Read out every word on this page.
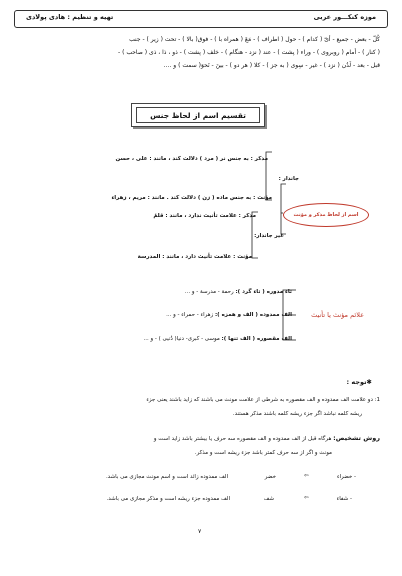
موزه کنکـــور عربی
تهیه و تنظیم : هادی پولادی
کُلّ - بعض - جمیع - أیّ ( کدام ) - حول ( اطراف ) - مَعَ ( همراه با ) - فوق( بالا ) - تحت ( زیر ) - جنب
( کنار ) - أمام ( روبروی ) - وراء ( پشت ) - عند ( نزد - هنگام ) - خلف ( پشت ) - ذو ، ذا ، ذی ( صاحب ) -
قبل - بعد - لَدُن ( نزد ) - غیر - سِوی ( به جز ) - کلا ( هر دو ) - بینَ - نَحوَ( سمت ) و ....
تقسیم اسم از لحاظ جنس
مذکر : به جنس نر ( مرد ) دلالت کند ، مانند : علی ، حسن
مؤنث : به جنس ماده ( زن ) دلالت کند . مانند : مریم ، زهراء
جاندار :
مذکر : علامت تأنیث ندارد ، مانند : قلمٌ
مؤنث : علامت تأنیث دارد ، مانند : المدرسة
غیر جاندار:
اسم از لحاظ مذکر و مؤنث
تاء مدوره ( تاء گرد ): رحمة - مدرسة - و ...
الف ممدوده ( الف و همزه ): زهراء - حمراء - و ...
الف مقصوره ( الف تنها ): موسی - کبری- دنیا( دُنیی ) - و ...
علائم مؤنث یا تأنیث
✱توجه :
1: دو علامت الف ممدوده و الف مقصوره به شرطی از علامت مونث می باشند که زاید باشند یعنی جزء
ریشه کلمه نباشد اگر جزء ریشه کلمه باشند مذکر هستند.
روش تشخیص: هرگاه قبل از الف ممدوده و الف مقصوره سه حرف یا بیشتر باشد زاید است و
مونث و اگر از سه حرف کمتر باشد جزء ریشه است و مذکر.
- خضراء
⇦
خضر
الف ممدوده زائد است و اسم مونث مجازی می باشد.
- شفاء
⇦
شف
الف ممدوده جزء ریشه است و مذکر مجازی می باشد.
۷
